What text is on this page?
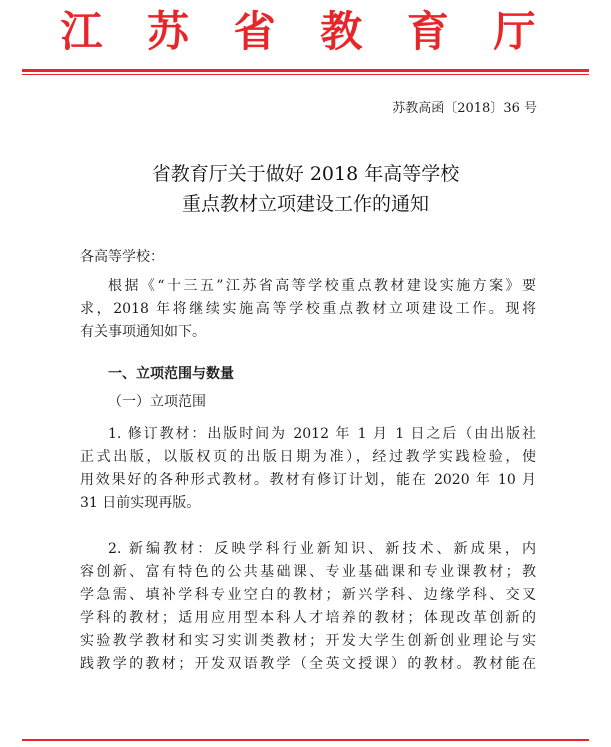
江 苏 省 教 育 厅
苏教高函〔2018〕36 号
省教育厅关于做好 2018 年高等学校
重点教材立项建设工作的通知
各高等学校：
根据《“十三五”江苏省高等学校重点教材建设实施方案》要
求，2018 年将继续实施高等学校重点教材立项建设工作。现将
有关事项通知如下。
一、立项范围与数量
（一）立项范围
1. 修订教材：出版时间为 2012 年 1 月 1 日之后（由出版社
正式出版，以版权页的出版日期为准），经过教学实践检验，使
用效果好的各种形式教材。教材有修订计划，能在 2020 年 10 月
31 日前实现再版。
2. 新编教材：反映学科行业新知识、新技术、新成果，内
容创新、富有特色的公共基础课、专业基础课和专业课教材；教
学急需、填补学科专业空白的教材；新兴学科、边缘学科、交叉
学科的教材；适用应用型本科人才培养的教材；体现改革创新的
实验教学教材和实习实训类教材；开发大学生创新创业理论与实
践教学的教材；开发双语教学（全英文授课）的教材。教材能在
